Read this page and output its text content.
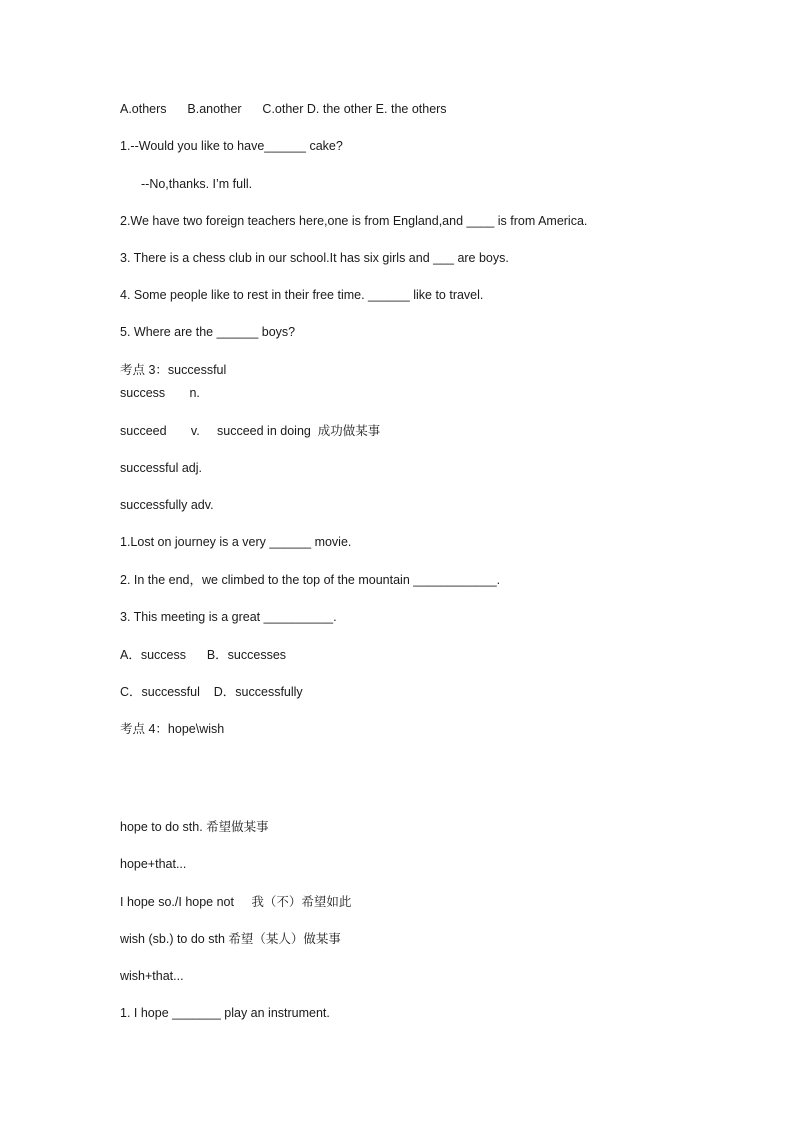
A.others      B.another      C.other D. the other E. the others
1.--Would you like to have______ cake?
--No,thanks. I’m full.
2.We have two foreign teachers here,one is from England,and ____ is from America.
3. There is a chess club in our school.It has six girls and ___ are boys.
4. Some people like to rest in their free time. ______ like to travel.
5. Where are the ______ boys?
考点 3：successful
success       n.
succeed       v.     succeed in doing  成功做某事
successful adj.
successfully adv.
1.Lost on journey is a very ______ movie.
2. In the end，we climbed to the top of the mountain ____________.
3. This meeting is a great __________.
A．success      B．successes
C．successful    D．successfully
考点 4：hope\wish
hope to do sth. 希望做某事
hope+that...
I hope so./I hope not     我（不）希望如此
wish (sb.) to do sth 希望（某人）做某事
wish+that...
1. I hope _______ play an instrument.
